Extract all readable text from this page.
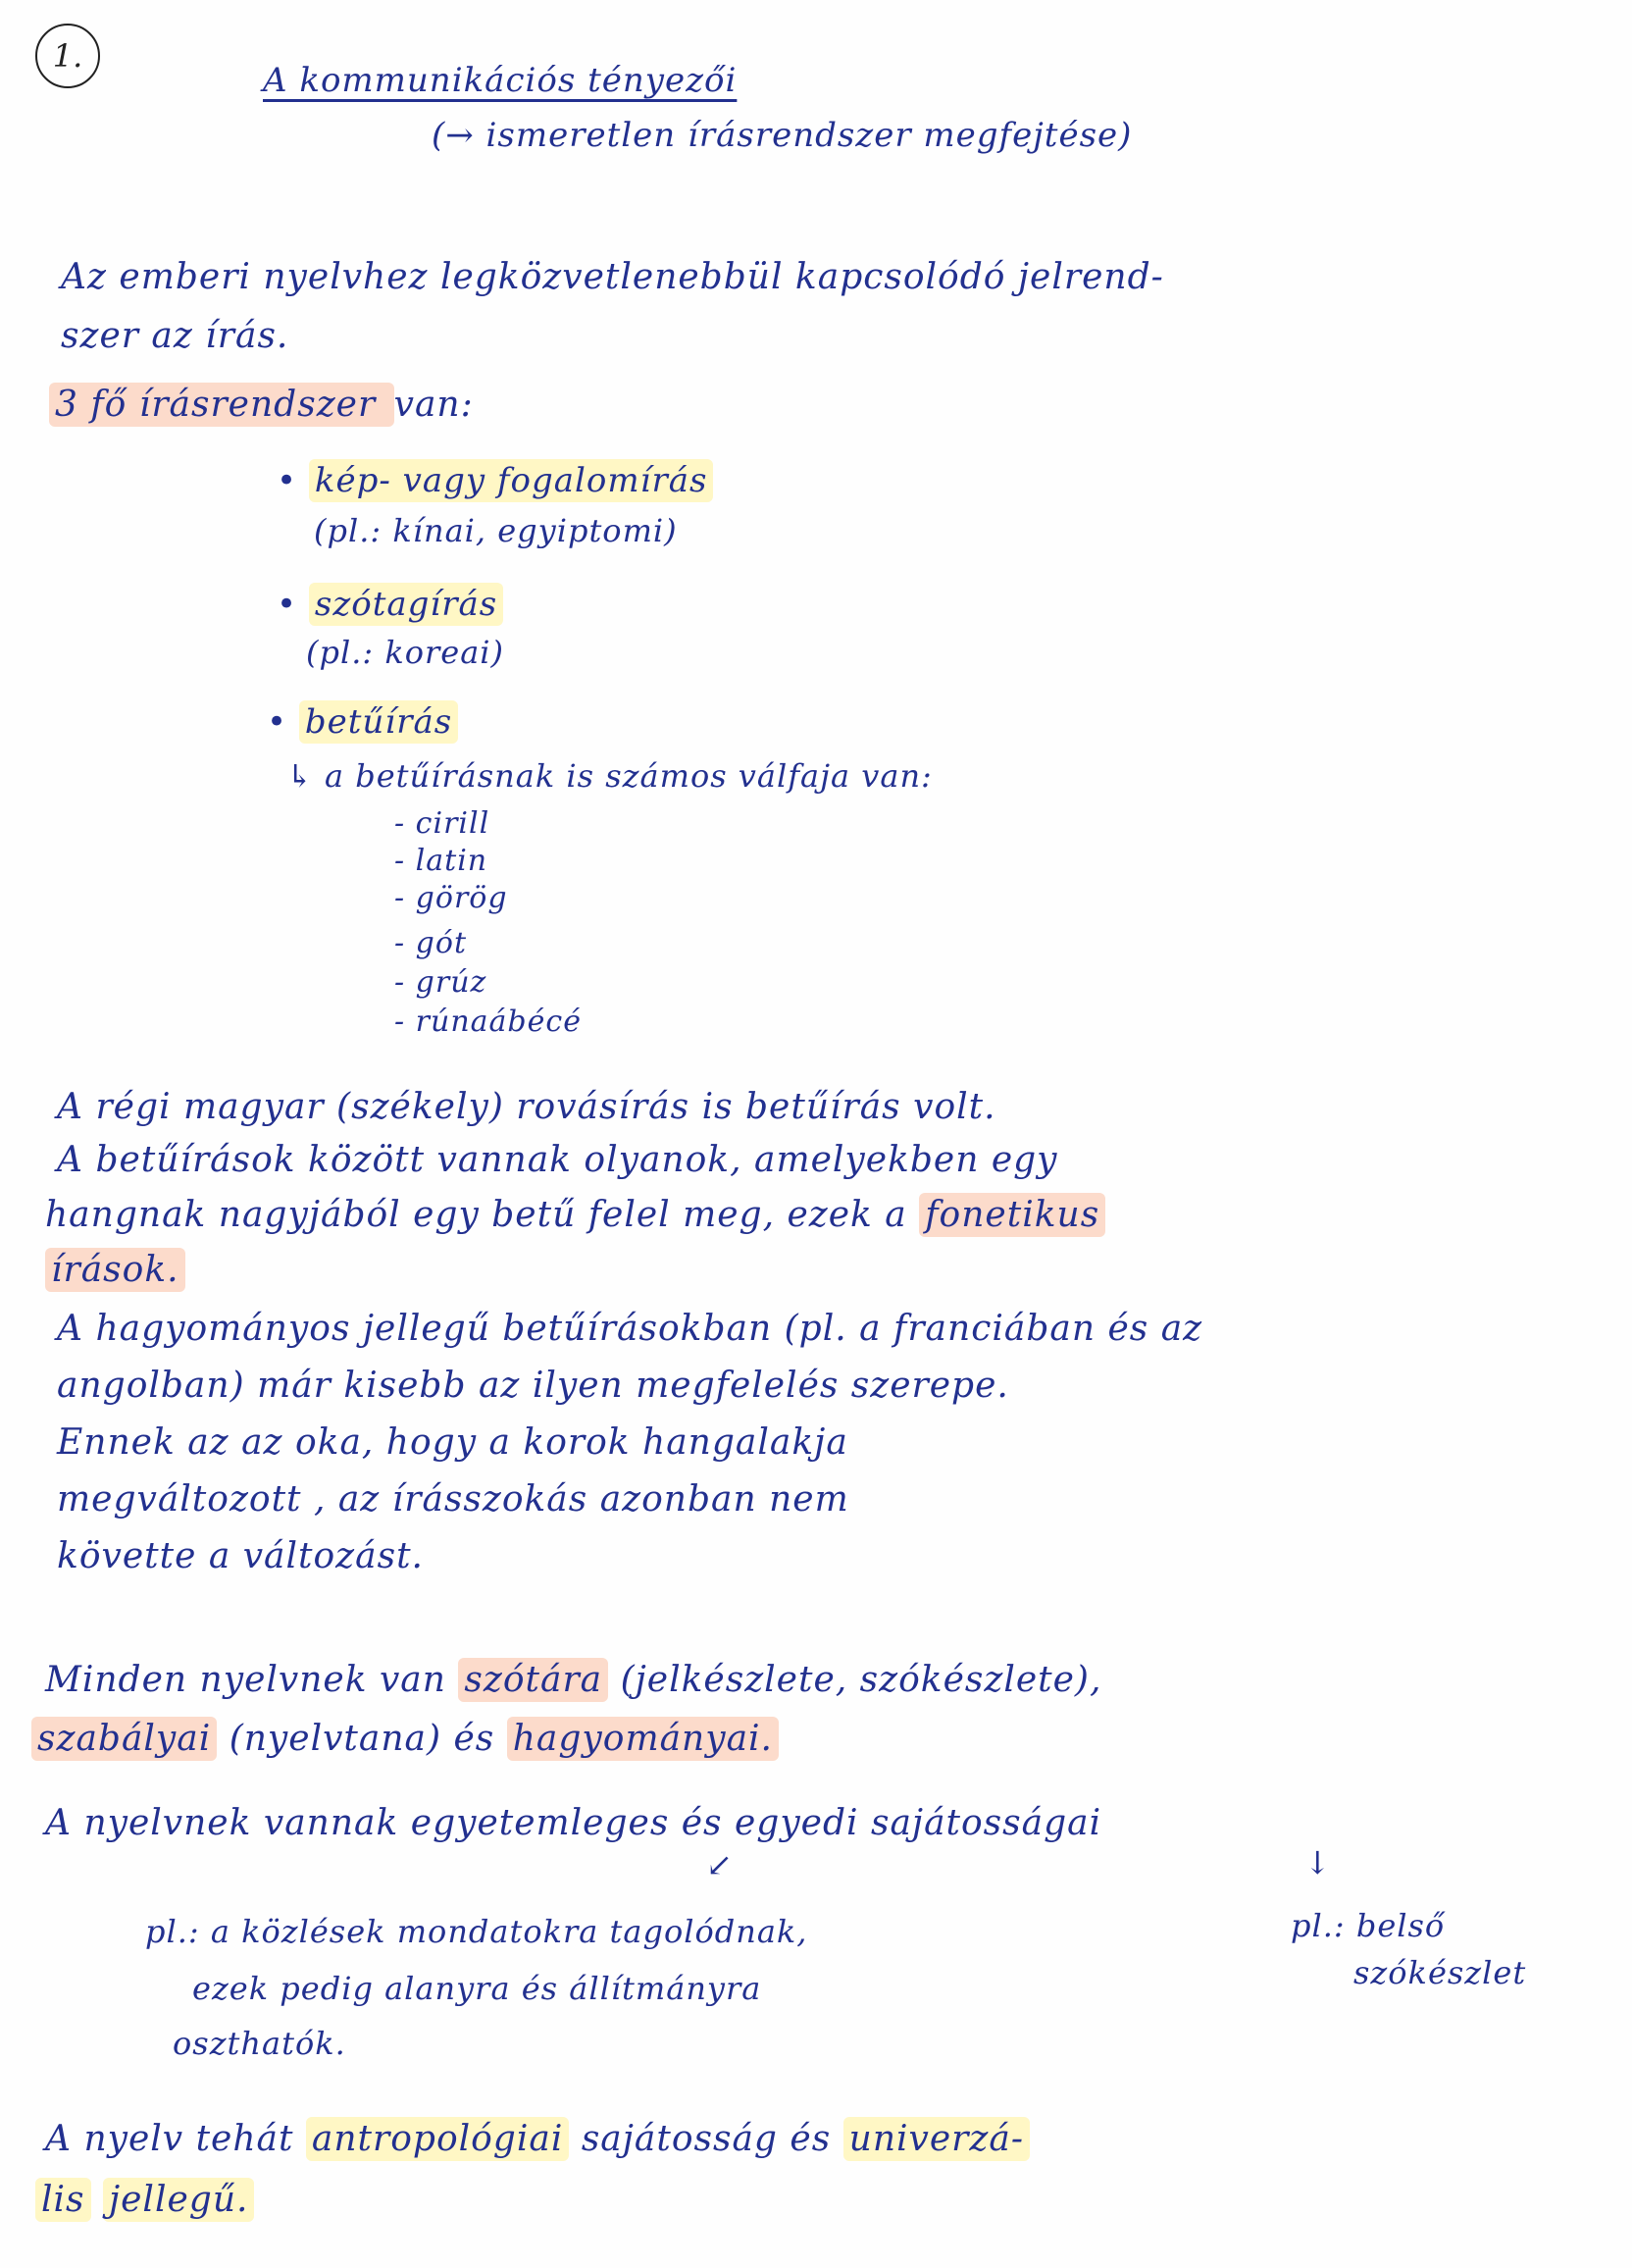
1.
A kommunikációs tényezői
(→ ismeretlen írásrendszer megfejtése)
Az emberi nyelvhez legközvetlenebbül kapcsolódó jelrend-
szer az írás.
3 fő írásrendszer van:
• kép- vagy fogalomírás
(pl.: kínai, egyiptomi)
• szótagírás
(pl.: koreai)
• betűírás
↳ a betűírásnak is számos válfaja van:
- cirill
- latin
- görög
- gót
- grúz
- rúnaábécé
A régi magyar (székely) rovásírás is betűírás volt.
A betűírások között vannak olyanok, amelyekben egy
hangnak nagyjából egy betű felel meg, ezek a fonetikus
írások.
A hagyományos jellegű betűírásokban (pl. a franciában és az
angolban) már kisebb az ilyen megfelelés szerepe.
Ennek az az oka, hogy a korok hangalakja
megváltozott , az írásszokás azonban nem
követte a változást.
Minden nyelvnek van szótára (jelkészlete, szókészlete),
szabályai (nyelvtana) és hagyományai.
A nyelvnek vannak egyetemleges és egyedi sajátosságai
↙	↓
pl.: a közlések mondatokra tagolódnak,
ezek pedig alanyra és állítmányra
oszthatók.
pl.: belső
szókészlet
A nyelv tehát antropológiai sajátosság és univerzá-
lis jellegű.
